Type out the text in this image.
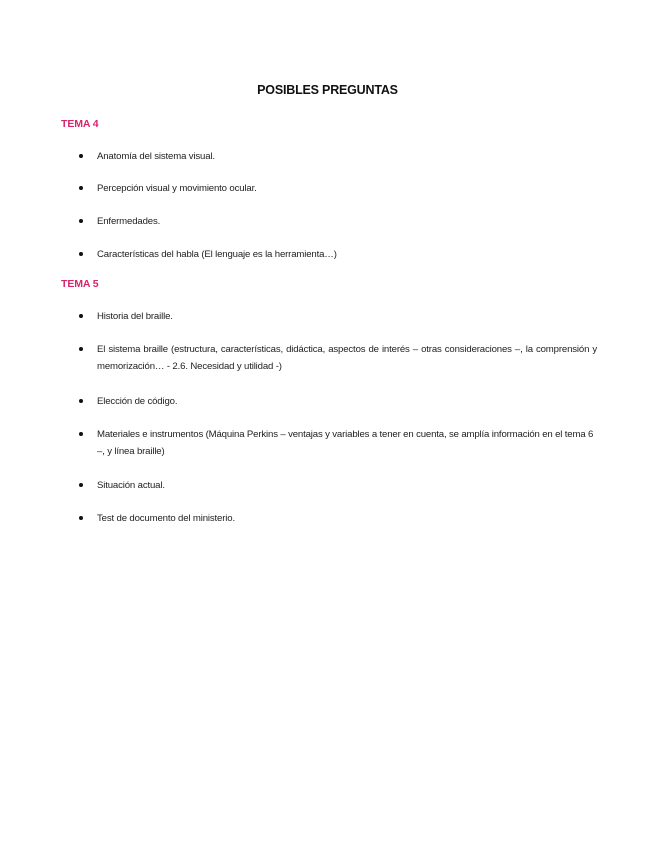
POSIBLES PREGUNTAS
TEMA 4
Anatomía del sistema visual.
Percepción visual y movimiento ocular.
Enfermedades.
Características del habla (El lenguaje es la herramienta…)
TEMA 5
Historia del braille.
El sistema braille (estructura, características, didáctica, aspectos de interés – otras consideraciones –, la comprensión y memorización… - 2.6. Necesidad y utilidad -)
Elección de código.
Materiales e instrumentos (Máquina Perkins – ventajas y variables a tener en cuenta, se amplía información en el tema 6 –, y línea braille)
Situación actual.
Test de documento del ministerio.
